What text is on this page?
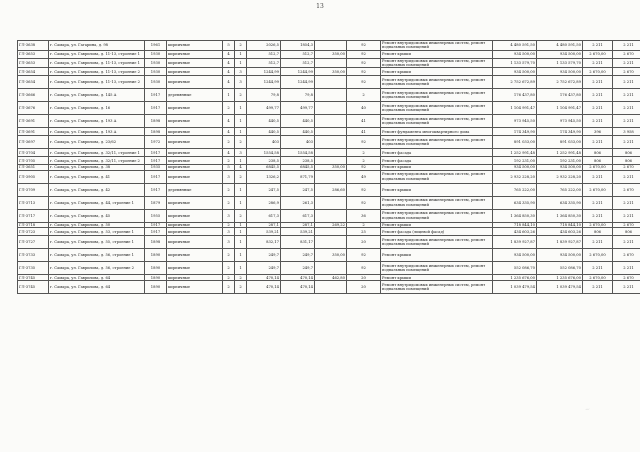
13
ГЛ-3638	г. Самара, ул. Гагарина, д. 98	1961	кирпичные	5	2	2026,5	1854,3		92	Ремонт внутридомовых инженерных систем, ремонт подвальных помещений	4 480 591,50	4 480 591,50	2 211	2 211
ГЛ-3653	г. Самара, ул. Гаврилова, д. 11-13, строение 1	1930	кирпичные	4	1	512,7	512,7	350,00	92	Ремонт крыши	934 500,00	934 500,00	2 670,00	2 670
ГЛ-3653	г. Самара, ул. Гаврилова, д. 11-13, строение 1	1930	кирпичные	4	1	512,7	512,7		92	Ремонт внутридомовых инженерных систем, ремонт подвальных помещений	1 133 579,70	1 133 579,70	2 211	2 211
ГЛ-3654	г. Самара, ул. Гаврилова, д. 11-13, строение 2	1930	кирпичные	4	3	1244,99	1244,99	350,00	92	Ремонт крыши	934 500,00	934 500,00	2 670,00	2 670
ГЛ-3654	г. Самара, ул. Гаврилова, д. 11-13, строение 2	1930	кирпичные	4	3	1244,99	1244,99		92	Ремонт внутридомовых инженерных систем, ремонт подвальных помещений	2 752 672,89	2 752 672,89	2 211	2 211
ГЛ-3666	г. Самара, ул. Гаврилова, д. 145 А	1917	деревянные	1	2	79,8	79,8		2	Ремонт внутридомовых инженерных систем, ремонт подвальных помещений	176 437,80	176 437,80	2 211	2 211
ГЛ-3676	г. Самара, ул. Гаврилова, д. 16	1917	кирпичные	2	1	499,77	499,77		40	Ремонт внутридомовых инженерных систем, ремонт подвальных помещений	1 104 991,47	1 104 991,47	2 211	2 211
ГЛ-3691	г. Самара, ул. Гаврилова, д. 193 А	1898	кирпичные	4	1	440,5	440,5		41	Ремонт внутридомовых инженерных систем, ремонт подвальных помещений	973 945,50	973 945,50	2 211	2 211
ГЛ-3691	г. Самара, ул. Гаврилова, д. 193 А	1898	кирпичные	4	1	440,5	440,5		41	Ремонт фундамента многоквартирного дома	174 349,90	174 349,90	396	3 958
ГЛ-3697	г. Самара, ул. Гаврилова, д. 23/62	1972	кирпичные	2	2	403	403		92	Ремонт внутридомовых инженерных систем, ремонт подвальных помещений	891 033,00	891 033,00	2 211	2 211
ГЛ-3704	г. Самара, ул. Гаврилова, д. 32/11, строение 1	1917	кирпичные	4	3	1554,58	1554,58		2	Ремонт фасада	1 252 991,48	1 252 991,48	806	806
ГЛ-3705	г. Самара, ул. Гаврилова, д. 32/11, строение 2	1917	кирпичные	2	1	238,5	238,5		2	Ремонт фасада	192 231,00	192 231,00	806	806
ГЛ-3651	г. Самара, ул. Гаврилова, д. 38	1935	кирпичные	5	4	6845,5	6845,5	350,00	92	Ремонт крыши	934 500,00	934 500,00	2 670,00	2 670
ГЛ-3905	г. Самара, ул. Гаврилова, д. 41	1917	кирпичные	3	2	1326,2	871,79		49	Ремонт внутридомовых инженерных систем, ремонт подвальных помещений	2 932 228,20	2 932 228,20	2 211	2 211
ГЛ-3709	г. Самара, ул. Гаврилова, д. 42	1917	деревянные	2	1	247,5	247,5	286,60	92	Ремонт крыши	765 222,00	765 222,00	2 670,00	2 670
ГЛ-3713	г. Самара, ул. Гаврилова, д. 44, строение 1	1879	кирпичные	2	1	286,9	261,3		92	Ремонт внутридомовых инженерных систем, ремонт подвальных помещений	634 335,90	634 335,90	2 211	2 211
ГЛ-3717	г. Самара, ул. Гаврилова, д. 45	1955	кирпичные	3	2	617,3	617,3		36	Ремонт внутридомовых инженерных систем, ремонт подвальных помещений	1 364 850,30	1 364 850,30	2 211	2 211
ГЛ-3718	г. Самара, ул. Гаврилова, д. 50	1917	кирпичные	2	1	287,1	287,1	269,22	2	Ремонт крыши	718 844,10	718 844,10	2 670,00	2 670
ГЛ-3723	г. Самара, ул. Гаврилова, д. 53, строение 1	1917	кирпичные	3	1	539,21	539,21		25	Ремонт фасада (лицевой фасад)	434 603,26	434 603,26	806	806
ГЛ-3727	г. Самара, ул. Гаврилова, д. 55, строение 1	1898	кирпичные	3	1	832,17	831,17		20	Ремонт внутридомовых инженерных систем, ремонт подвальных помещений	1 839 927,87	1 839 927,87	2 211	2 211
ГЛ-3733	г. Самара, ул. Гаврилова, д. 56, строение 1	1890	кирпичные	2	1	249,7	249,7	350,00	92	Ремонт крыши	934 500,00	934 500,00	2 670,00	2 670
ГЛ-3735	г. Самара, ул. Гаврилова, д. 56, строение 2	1890	кирпичные	2	1	249,7	249,7		92	Ремонт внутридомовых инженерных систем, ремонт подвальных помещений	552 086,70	552 086,70	2 211	2 211
ГЛ-3745	г. Самара, ул. Гаврилова, д. 64	1890	кирпичные	2	2	470,14	470,14	462,80	20	Ремонт крыши	1 235 676,00	1 235 676,00	2 670,00	2 670
ГЛ-3745	г. Самара, ул. Гаврилова, д. 64	1890	кирпичные	2	2	470,14	470,14		20	Ремонт внутридомовых инженерных систем, ремонт подвальных помещений	1 039 479,54	1 039 479,54	2 211	2 211
~
